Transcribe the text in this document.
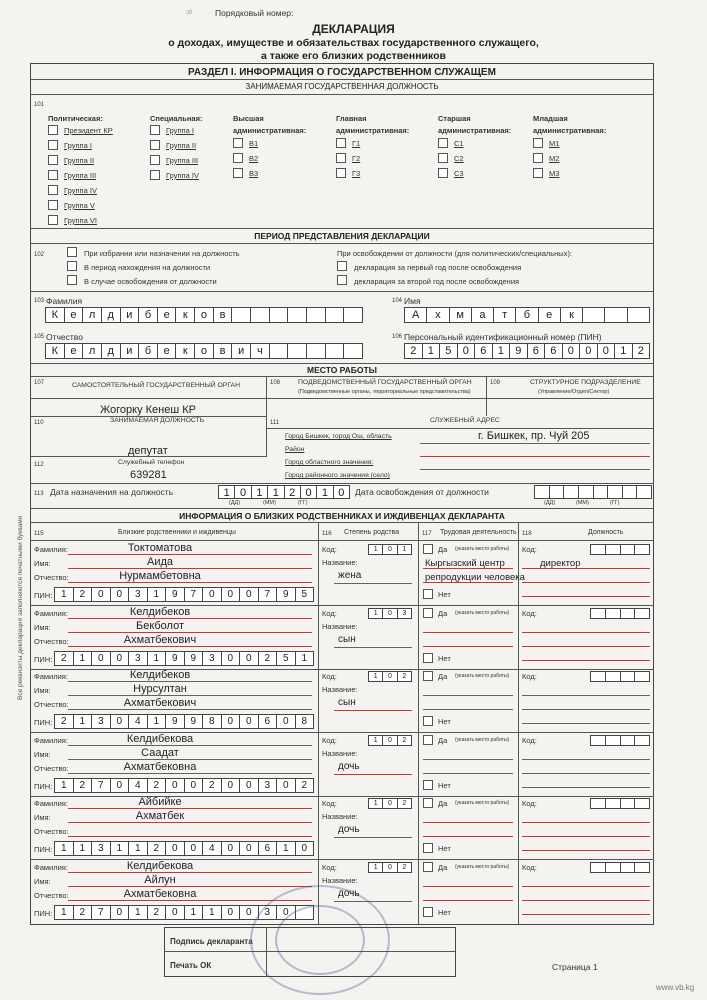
ɔ0	Порядковый номер:
ДЕКЛАРАЦИЯ
о доходах, имуществе и обязательствах государственного служащего,
а также его близких родственников
РАЗДЕЛ I. ИНФОРМАЦИЯ О ГОСУДАРСТВЕННОМ СЛУЖАЩЕМ
ЗАНИМАЕМАЯ ГОСУДАРСТВЕННАЯ ДОЛЖНОСТЬ
101
Политическая:
Президент КР
Группа I
Группа II
Группа III
Группа IV
Группа V
Группа VI
Специальная:
Группа I
Группа II
Группа III
Группа IV
Высшая
административная:
В1
В2
В3
Главная
административная:
Г1
Г2
Г3
Старшая
административная:
С1
С2
С3
Младшая
административная:
М1
М2
М3
ПЕРИОД ПРЕДСТАВЛЕНИЯ ДЕКЛАРАЦИИ
102	При избрании или назначении на должность
В период нахождения на должности
В случае освобождения от должности
При освобождении от должности (для политических/специальных):
декларация за первый год после освобождения
декларация за второй год после освобождения
103 Фамилия
К	е	л	д	и	б	е	к	о	в
104 Имя
А	х	м	а	т	б	е	к
105 Отчество
К	е	л	д	и	б	е	к	о	в	и	ч
106 Персональный идентификационный номер (ПИН)
2	1	5	0	6	1	9	6	6	0	0	0	1	2
МЕСТО РАБОТЫ
107	САМОСТОЯТЕЛЬНЫЙ ГОСУДАРСТВЕННЫЙ ОРГАН	108	ПОДВЕДОМСТВЕННЫЙ ГОСУДАРСТВЕННЫЙ ОРГАН
(Подведомственные органы, территориальные представительства)
109	СТРУКТУРНОЕ ПОДРАЗДЕЛЕНИЕ
(Управление/Отдел/Сектор)
Жогорку Кенеш КР
110	ЗАНИМАЕМАЯ ДОЛЖНОСТЬ	111	СЛУЖЕБНЫЙ АДРЕС
Город Бишкек, город Ош, область	г. Бишкек, пр. Чуй 205
Район
Город областного значения:
Город районного значения (село)
депутат
112	Служебный телефон
639281
113 Дата назначения на должность	1 0 1 1 2 0 1 0	Дата освобождения от должности
(ДД)	(ММ)	(ГГ)	(ДД)	(ММ)	(ГГ)
ИНФОРМАЦИЯ О БЛИЗКИХ РОДСТВЕННИКАХ И ИЖДИВЕНЦАХ ДЕКЛАРАНТА
115	Близкие родственники и иждивенцы	116 Степень родства	117 Трудовая деятельность 118	Должность
Фамилия:	Токтоматова
Имя:	Аида
Отчество:	Нурмамбетовна
ПИН: 1	2	0	0	3	1	9	7	0	0	0	7	9	5
Код:	1	0	1
Название:
жена
Да (указать место работы)
Кыргызский центр
репродукции человека
Нет
Код:
директор
Фамилия:	Келдибеков
Имя:	Бекболот
Отчество:	Ахматбекович
ПИН: 2	1	0	0	3	1	9	9	3	0	0	2	5	1
Код:	1	0	3
Название:
сын
Да (указать место работы)
Нет
Код:
Фамилия:	Келдибеков
Имя:	Нурсултан
Отчество:	Ахматбекович
ПИН: 2	1	3	0	4	1	9	9	8	0	0	6	0	8
Код:	1	0	2
Название:
сын
Да (указать место работы)
Нет
Код:
Фамилия:	Келдибекова
Имя:	Саадат
Отчество:	Ахматбековна
ПИН: 1	2	7	0	4	2	0	0	2	0	0	3	0	2
Код:	1	0	2
Название:
дочь
Да (указать место работы)
Нет
Код:
Фамилия:	Айбийке
Имя:	Ахматбек
Отчество:
ПИН: 1	1	3	1	1	2	0	0	4	0	0	6	1	0
Код:	1	0	2
Название:
дочь
Да (указать место работы)
Нет
Код:
Фамилия:	Келдибекова
Имя:	Айлун
Отчество:	Ахматбековна
ПИН: 1	2	7	0	1	2	0	1	1	0	0	3	0
Код:	1	0	2
Название:
дочь
Да (указать место работы)
Нет
Код:
Все реквизиты декларации заполняются печатными буквами
Подпись декларанта
Печать ОК	Страница 1
www.vb.kg
